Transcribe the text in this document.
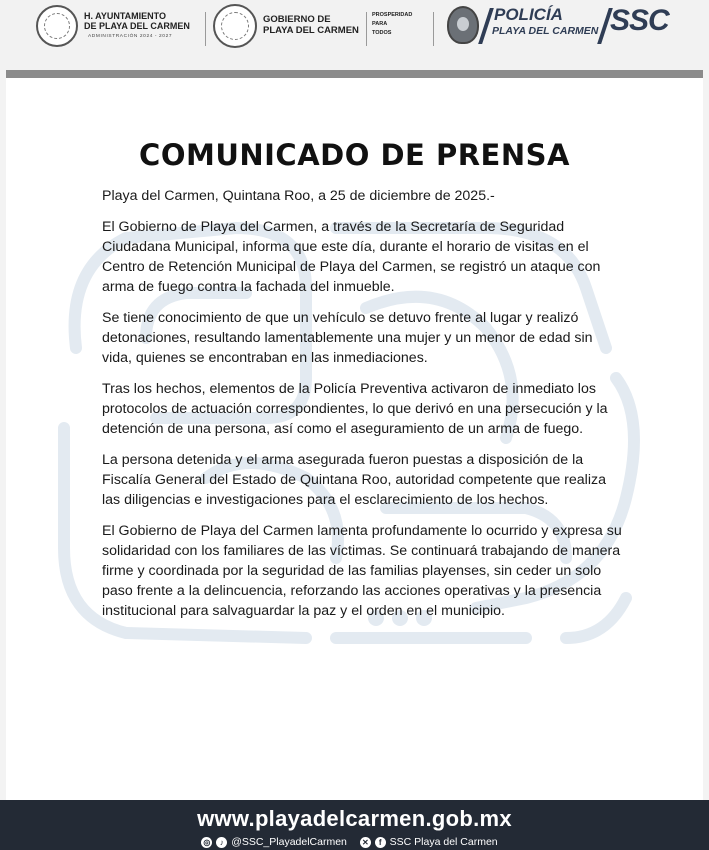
H. AYUNTAMIENTO
DE PLAYA DEL CARMEN
ADMINISTRACIÓN 2024 - 2027
GOBIERNO DE
PLAYA DEL CARMEN
PROSPERIDAD
PARA
TODOS
POLICÍA
PLAYA DEL CARMEN SSC
COMUNICADO DE PRENSA

Playa del Carmen, Quintana Roo, a 25 de diciembre de 2025.-

El Gobierno de Playa del Carmen, a través de la Secretaría de Seguridad Ciudadana Municipal, informa que este día, durante el horario de visitas en el Centro de Retención Municipal de Playa del Carmen, se registró un ataque con arma de fuego contra la fachada del inmueble.

Se tiene conocimiento de que un vehículo se detuvo frente al lugar y realizó detonaciones, resultando lamentablemente una mujer y un menor de edad sin vida, quienes se encontraban en las inmediaciones.

Tras los hechos, elementos de la Policía Preventiva activaron de inmediato los protocolos de actuación correspondientes, lo que derivó en una persecución y la detención de una persona, así como el aseguramiento de un arma de fuego.

La persona detenida y el arma asegurada fueron puestas a disposición de la Fiscalía General del Estado de Quintana Roo, autoridad competente que realiza las diligencias e investigaciones para el esclarecimiento de los hechos.

El Gobierno de Playa del Carmen lamenta profundamente lo ocurrido y expresa su solidaridad con los familiares de las víctimas. Se continuará trabajando de manera firme y coordinada por la seguridad de las familias playenses, sin ceder un solo paso frente a la delincuencia, reforzando las acciones operativas y la presencia institucional para salvaguardar la paz y el orden en el municipio.

www.playadelcarmen.gob.mx
◎ ♪ @SSC_PlayadelCarmen ✕ f SSC Playa del Carmen
